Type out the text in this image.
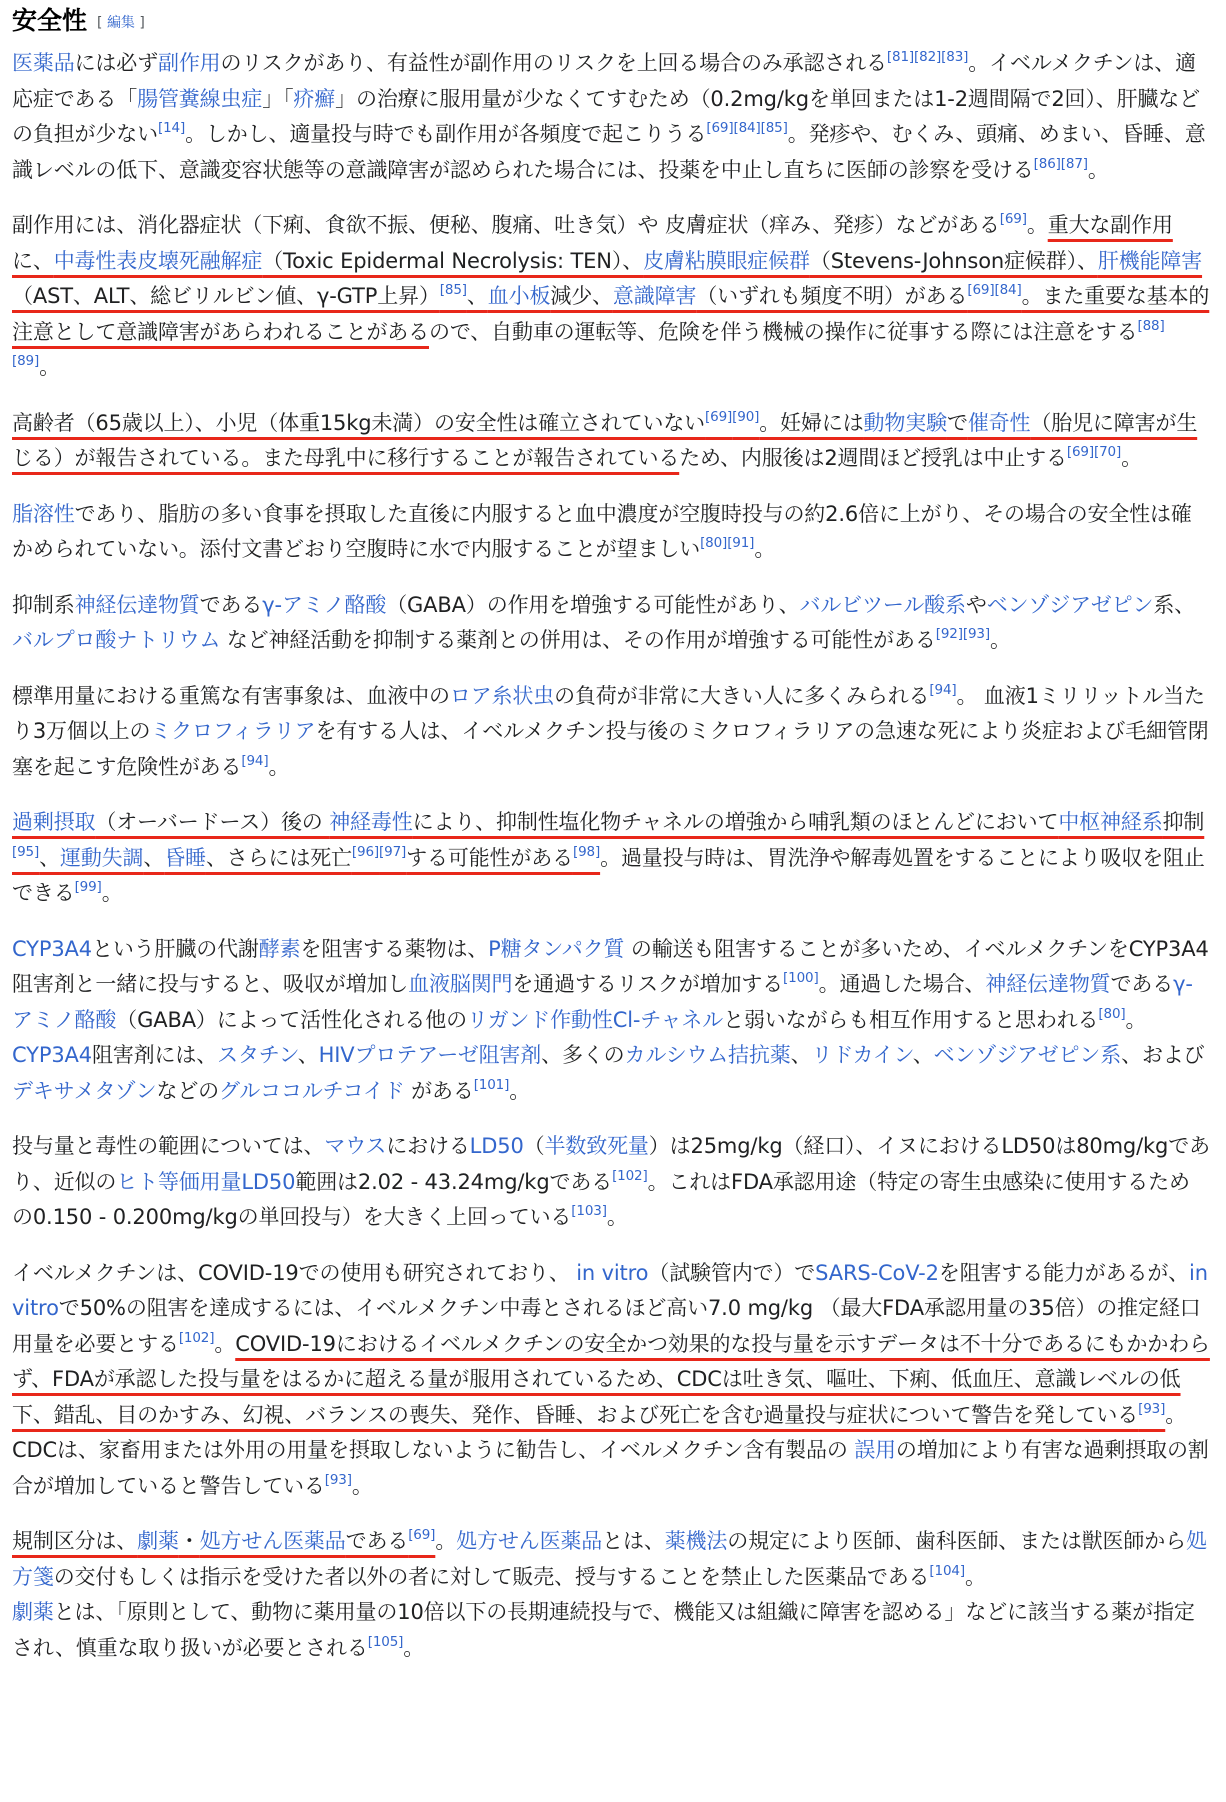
安全性 [ 編集 ]

医薬品には必ず副作用のリスクがあり、有益性が副作用のリスクを上回る場合のみ承認される[81][82][83]。イベルメクチンは、適応症である「腸管糞線虫症」「疥癬」の治療に服用量が少なくてすむため（0.2mg/kgを単回または1-2週間隔で2回）、肝臓などの負担が少ない[14]。しかし、適量投与時でも副作用が各頻度で起こりうる[69][84][85]。発疹や、むくみ、頭痛、めまい、昏睡、意識レベルの低下、意識変容状態等の意識障害が認められた場合には、投薬を中止し直ちに医師の診察を受ける[86][87]。

副作用には、消化器症状（下痢、食欲不振、便秘、腹痛、吐き気）や 皮膚症状（痒み、発疹）などがある[69]。重大な副作用に、中毒性表皮壊死融解症（Toxic Epidermal Necrolysis: TEN）、皮膚粘膜眼症候群（Stevens-Johnson症候群）、肝機能障害（AST、ALT、総ビリルビン値、γ-GTP上昇）[85]、血小板減少、意識障害（いずれも頻度不明）がある[69][84]。また重要な基本的注意として意識障害があらわれることがあるので、自動車の運転等、危険を伴う機械の操作に従事する際には注意をする[88][89]。

高齢者（65歳以上）、小児（体重15kg未満）の安全性は確立されていない[69][90]。妊婦には動物実験で催奇性（胎児に障害が生じる）が報告されている。また母乳中に移行することが報告されているため、内服後は2週間ほど授乳は中止する[69][70]。

脂溶性であり、脂肪の多い食事を摂取した直後に内服すると血中濃度が空腹時投与の約2.6倍に上がり、その場合の安全性は確かめられていない。添付文書どおり空腹時に水で内服することが望ましい[80][91]。

抑制系神経伝達物質であるγ-アミノ酪酸（GABA）の作用を増強する可能性があり、バルビツール酸系やベンゾジアゼピン系、バルプロ酸ナトリウム など神経活動を抑制する薬剤との併用は、その作用が増強する可能性がある[92][93]。

標準用量における重篤な有害事象は、血液中のロア糸状虫の負荷が非常に大きい人に多くみられる[94]。 血液1ミリリットル当たり3万個以上のミクロフィラリアを有する人は、イベルメクチン投与後のミクロフィラリアの急速な死により炎症および毛細管閉塞を起こす危険性がある[94]。

過剰摂取（オーバードース）後の 神経毒性により、抑制性塩化物チャネルの増強から哺乳類のほとんどにおいて中枢神経系抑制[95]、運動失調、昏睡、さらには死亡[96][97]する可能性がある[98]。過量投与時は、胃洗浄や解毒処置をすることにより吸収を阻止できる[99]。

CYP3A4という肝臓の代謝酵素を阻害する薬物は、P糖タンパク質 の輸送も阻害することが多いため、イベルメクチンをCYP3A4阻害剤と一緒に投与すると、吸収が増加し血液脳関門を通過するリスクが増加する[100]。通過した場合、神経伝達物質であるγ-アミノ酪酸（GABA）によって活性化される他のリガンド作動性Cl-チャネルと弱いながらも相互作用すると思われる[80]。CYP3A4阻害剤には、スタチン、HIVプロテアーゼ阻害剤、多くのカルシウム拮抗薬、リドカイン、ベンゾジアゼピン系、およびデキサメタゾンなどのグルココルチコイド がある[101]。

投与量と毒性の範囲については、マウスにおけるLD50（半数致死量）は25mg/kg（経口）、イヌにおけるLD50は80mg/kgであり、近似のヒト等価用量LD50範囲は2.02 - 43.24mg/kgである[102]。これはFDA承認用途（特定の寄生虫感染に使用するための0.150 - 0.200mg/kgの単回投与）を大きく上回っている[103]。

イベルメクチンは、COVID-19での使用も研究されており、 in vitro（試験管内で）でSARS-CoV-2を阻害する能力があるが、in vitroで50%の阻害を達成するには、イベルメクチン中毒とされるほど高い7.0 mg/kg （最大FDA承認用量の35倍）の推定経口用量を必要とする[102]。COVID-19におけるイベルメクチンの安全かつ効果的な投与量を示すデータは不十分であるにもかかわらず、FDAが承認した投与量をはるかに超える量が服用されているため、CDCは吐き気、嘔吐、下痢、低血圧、意識レベルの低下、錯乱、目のかすみ、幻視、バランスの喪失、発作、昏睡、および死亡を含む過量投与症状について警告を発している[93]。CDCは、家畜用または外用の用量を摂取しないように勧告し、イベルメクチン含有製品の 誤用の増加により有害な過剰摂取の割合が増加していると警告している[93]。

規制区分は、劇薬・処方せん医薬品である[69]。処方せん医薬品とは、薬機法の規定により医師、歯科医師、または獣医師から処方箋の交付もしくは指示を受けた者以外の者に対して販売、授与することを禁止した医薬品である[104]。
劇薬とは、「原則として、動物に薬用量の10倍以下の長期連続投与で、機能又は組織に障害を認める」などに該当する薬が指定され、慎重な取り扱いが必要とされる[105]。
